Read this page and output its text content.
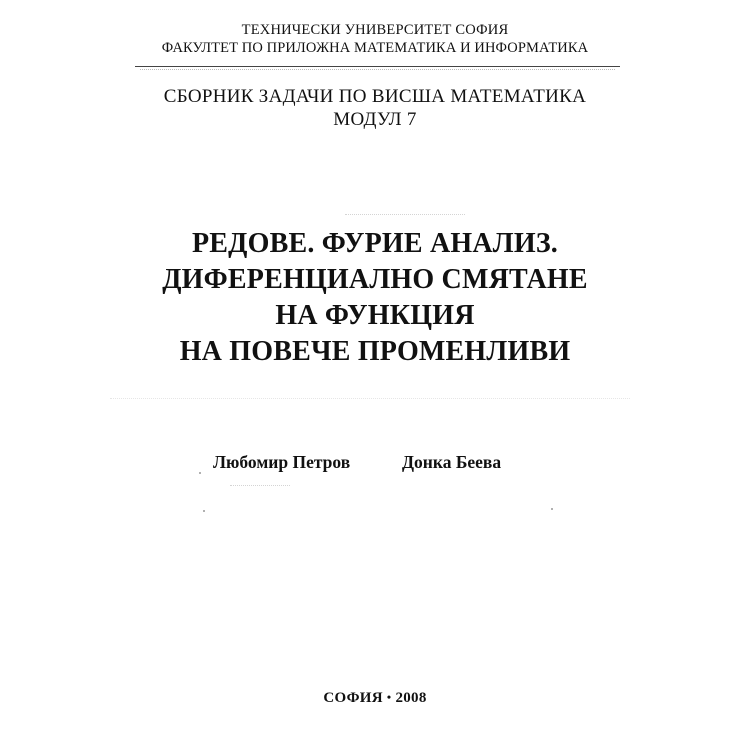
ТЕХНИЧЕСКИ УНИВЕРСИТЕТ СОФИЯ
ФАКУЛТЕТ ПО ПРИЛОЖНА МАТЕМАТИКА И ИНФОРМАТИКА
СБОРНИК ЗАДАЧИ ПО ВИСША МАТЕМАТИКА
МОДУЛ 7
РЕДОВЕ. ФУРИЕ АНАЛИЗ.
ДИФЕРЕНЦИАЛНО СМЯТАНЕ
НА ФУНКЦИЯ
НА ПОВЕЧЕ ПРОМЕНЛИВИ
Любомир Петров	Донка Беева
СОФИЯ • 2008
